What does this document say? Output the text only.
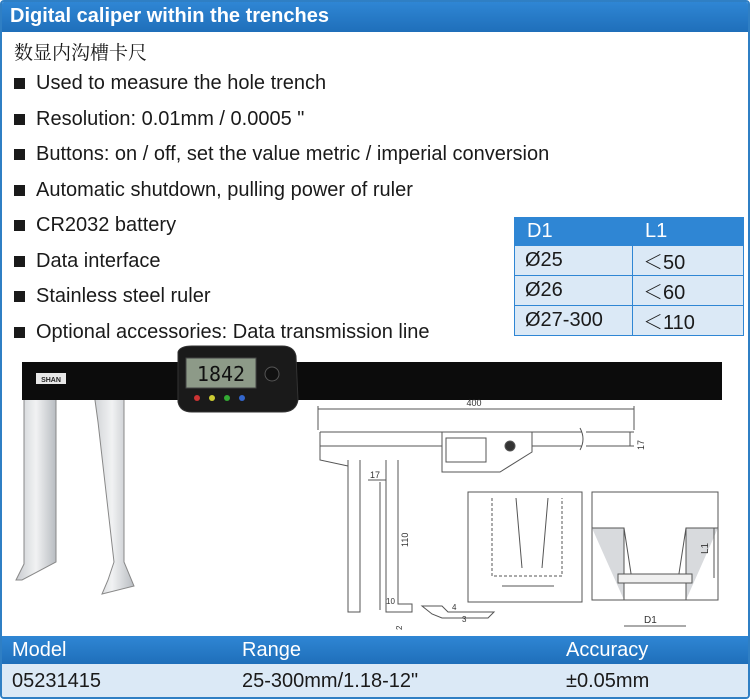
Digital caliper within the trenches
数显内沟槽卡尺
Used to measure the hole trench
Resolution: 0.01mm / 0.0005 "
Buttons: on / off, set the value metric / imperial conversion
Automatic shutdown, pulling power of ruler
CR2032 battery
Data interface
Stainless steel ruler
Optional accessories: Data transmission line
D1	L1
Ø25	＜50
Ø26	＜60
Ø27-300	＜110
SHAN	1842
400
17
17
110
10
2
4
3
L1
D1
Model	Range	Accuracy
05231415	25-300mm/1.18-12"	±0.05mm
